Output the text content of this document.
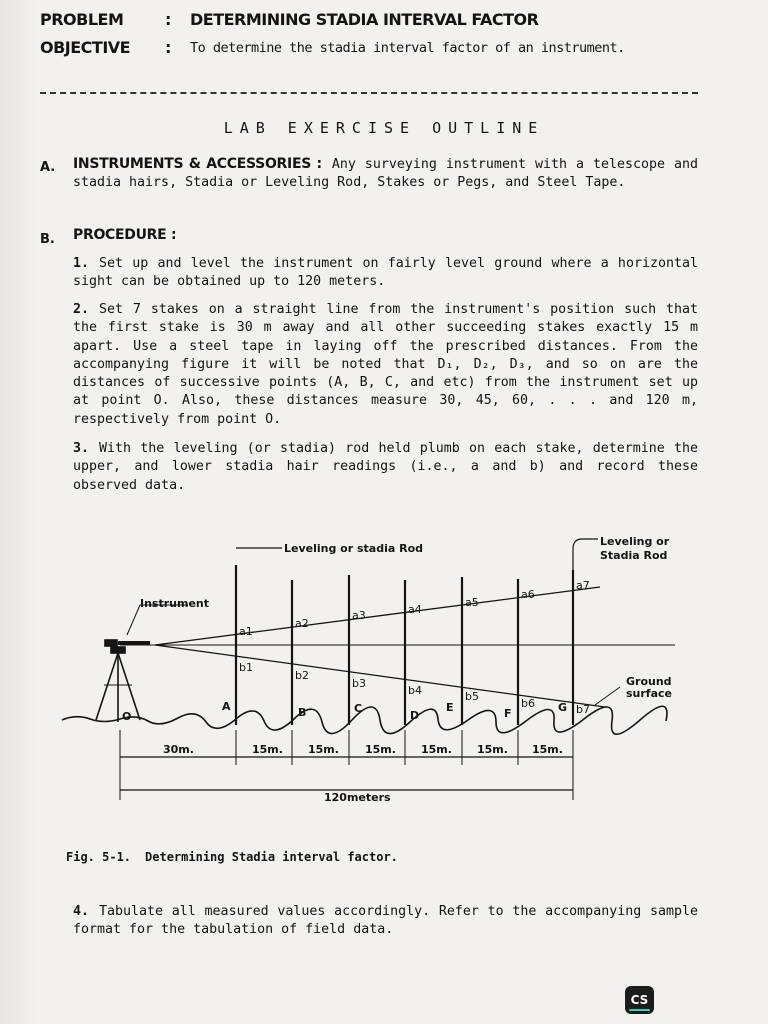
PROBLEM	: DETERMINING STADIA INTERVAL FACTOR
OBJECTIVE : To determine the stadia interval factor of an instrument.
LAB EXERCISE OUTLINE
A. INSTRUMENTS & ACCESSORIES : Any surveying instrument with a telescope and stadia hairs, Stadia or Leveling Rod, Stakes or Pegs, and Steel Tape.
B. PROCEDURE :
1. Set up and level the instrument on fairly level ground where a horizontal sight can be obtained up to 120 meters.
2. Set 7 stakes on a straight line from the instrument's position such that the first stake is 30 m away and all other succeeding stakes exactly 15 m apart. Use a steel tape in laying off the prescribed distances. From the accompanying figure it will be noted that D₁, D₂, D₃, and so on are the distances of successive points (A, B, C, and etc) from the instrument set up at point O. Also, these distances measure 30, 45, 60, . . . and 120 m, respectively from point O.
3. With the leveling (or stadia) rod held plumb on each stake, determine the upper, and lower stadia hair readings (i.e., a and b) and record these observed data.
Leveling or stadia Rod
Leveling or
Stadia Rod
Instrument
Ground
surface
O
A	B	C
D
E	F	G
a1
a2
a3	a4
a5
a6
a7
b1
b2
b3
b4	b5
b6	b7
30m.	15m. 15m. 15m. 15m. 15m. 15m.
120meters
Fig. 5-1. Determining Stadia interval factor.
4. Tabulate all measured values accordingly. Refer to the accompanying sample format for the tabulation of field data.
CS
